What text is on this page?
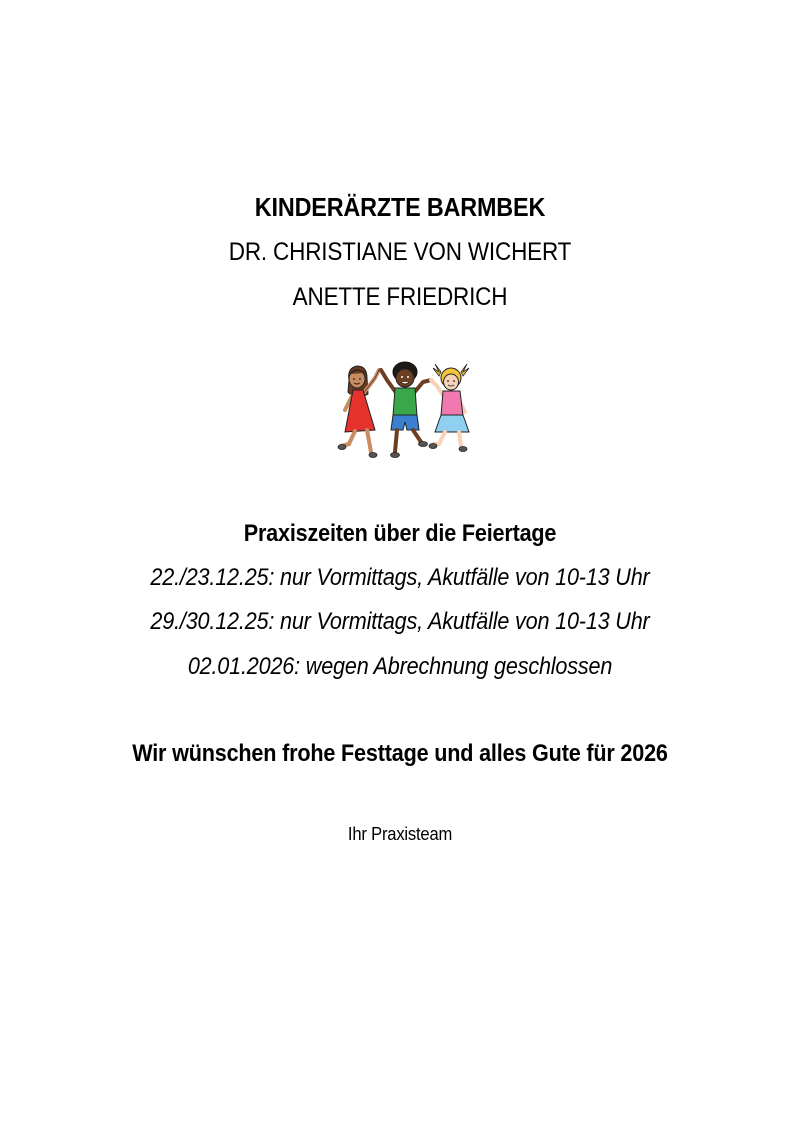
KINDERÄRZTE BARMBEK
DR. CHRISTIANE VON WICHERT
ANETTE FRIEDRICH
Praxiszeiten über die Feiertage
22./23.12.25: nur Vormittags, Akutfälle von 10-13 Uhr
29./30.12.25: nur Vormittags, Akutfälle von 10-13 Uhr
02.01.2026: wegen Abrechnung geschlossen
Wir wünschen frohe Festtage und alles Gute für 2026
Ihr Praxisteam
